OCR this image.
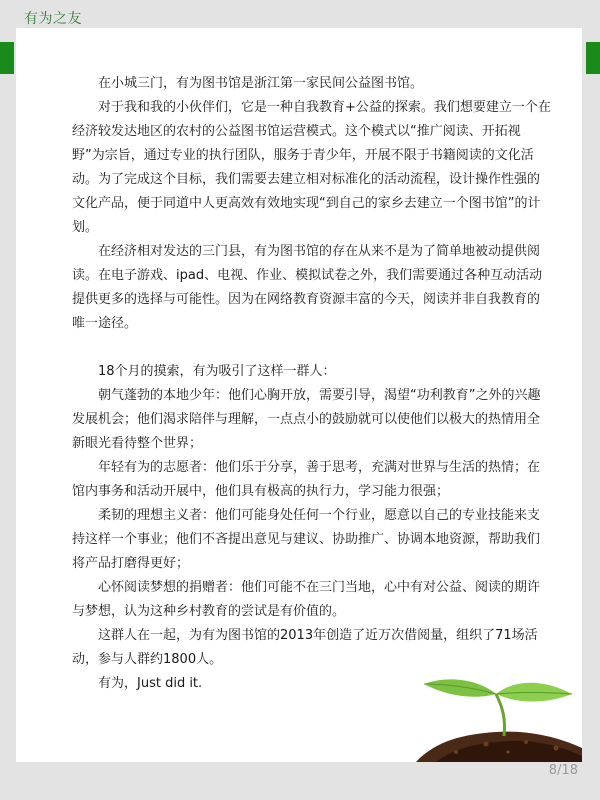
有为之友

在小城三门，有为图书馆是浙江第一家民间公益图书馆。

对于我和我的小伙伴们，它是一种自我教育+公益的探索。我们想要建立一个在经济较发达地区的农村的公益图书馆运营模式。这个模式以“推广阅读、开拓视野”为宗旨，通过专业的执行团队，服务于青少年，开展不限于书籍阅读的文化活动。为了完成这个目标，我们需要去建立相对标准化的活动流程，设计操作性强的文化产品，便于同道中人更高效有效地实现“到自己的家乡去建立一个图书馆”的计划。

在经济相对发达的三门县，有为图书馆的存在从来不是为了简单地被动提供阅读。在电子游戏、ipad、电视、作业、模拟试卷之外，我们需要通过各种互动活动提供更多的选择与可能性。因为在网络教育资源丰富的今天，阅读并非自我教育的唯一途径。

18个月的摸索，有为吸引了这样一群人：

朝气蓬勃的本地少年：他们心胸开放，需要引导，渴望“功利教育”之外的兴趣发展机会；他们渴求陪伴与理解，一点点小的鼓励就可以使他们以极大的热情用全新眼光看待整个世界；

年轻有为的志愿者：他们乐于分享，善于思考，充满对世界与生活的热情；在馆内事务和活动开展中，他们具有极高的执行力，学习能力很强；

柔韧的理想主义者：他们可能身处任何一个行业，愿意以自己的专业技能来支持这样一个事业；他们不吝提出意见与建议、协助推广、协调本地资源，帮助我们将产品打磨得更好；

心怀阅读梦想的捐赠者：他们可能不在三门当地，心中有对公益、阅读的期许与梦想，认为这种乡村教育的尝试是有价值的。

这群人在一起，为有为图书馆的2013年创造了近万次借阅量，组织了71场活动，参与人群约1800人。

有为，Just did it.

8/18
